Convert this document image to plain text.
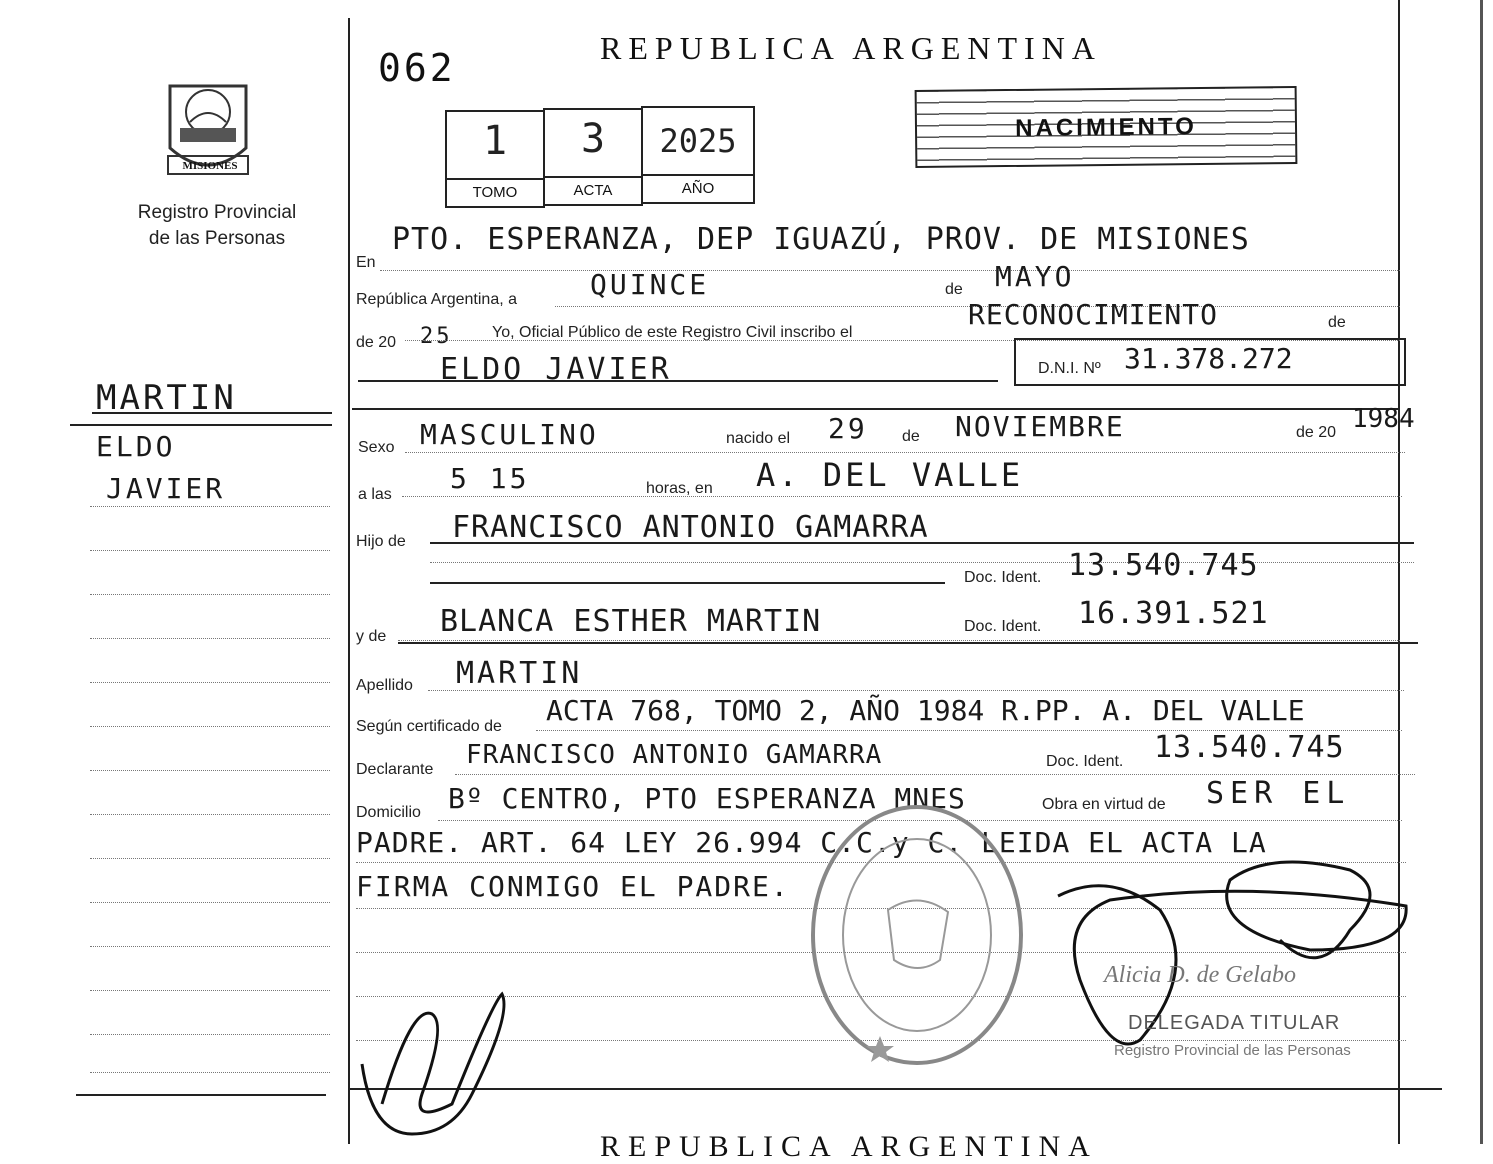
MISIONES
Registro Provincial
de las Personas
MARTIN
ELDO
JAVIER
062	REPUBLICA ARGENTINA
1
TOMO
3
ACTA
2025
AÑO
NACIMIENTO
En
PTO. ESPERANZA, DEP IGUAZÚ, PROV. DE MISIONES
República Argentina, a	QUINCE	de MAYO
de 20 25 Yo, Oficial Público de este Registro Civil inscribo el
RECONOCIMIENTO	de
ELDO JAVIER	D.N.I. Nº 31.378.272
Sexo MASCULINO	nacido el 29 de NOVIEMBRE	de 20 1984
a las 5 15	horas, en A. DEL VALLE
Hijo de FRANCISCO ANTONIO GAMARRA
Doc. Ident. 13.540.745
y de BLANCA ESTHER MARTIN	Doc. Ident. 16.391.521
Apellido MARTIN
Según certificado de ACTA 768, TOMO 2, AÑO 1984 R.PP. A. DEL VALLE
Declarante FRANCISCO ANTONIO GAMARRA	Doc. Ident. 13.540.745
Domicilio Bº CENTRO, PTO ESPERANZA MNES	Obra en virtud de SER EL
PADRE. ART. 64 LEY 26.994 C.C.y C. LEIDA EL ACTA LA
FIRMA CONMIGO EL PADRE.
Alicia D. de Gelabo
DELEGADA TITULAR
Registro Provincial de las Personas
REPUBLICA ARGENTINA
